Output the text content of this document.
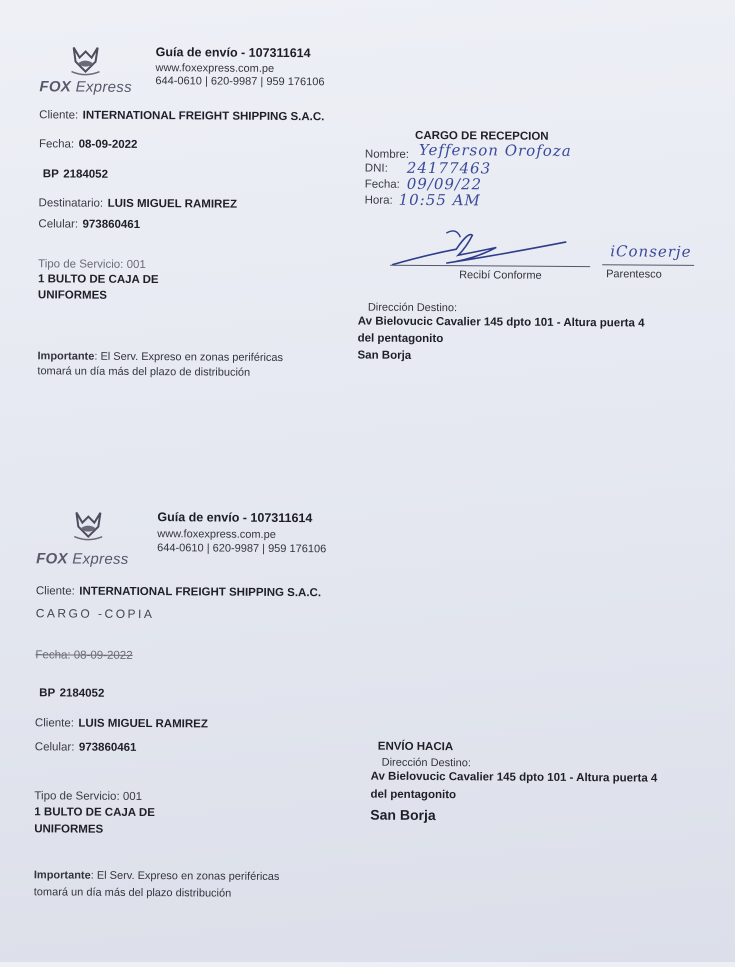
FOX Express
Guía de envío - 107311614
www.foxexpress.com.pe
644-0610 | 620-9987 | 959 176106
Cliente: INTERNATIONAL FREIGHT SHIPPING S.A.C.
Fecha: 08-09-2022
BP 2184052
Destinatario: LUIS MIGUEL RAMIREZ
Celular: 973860461
Tipo de Servicio: 001
1 BULTO DE CAJA DE
UNIFORMES
Importante: El Serv. Expreso en zonas periféricas
tomará un día más del plazo de distribución
CARGO DE RECEPCION
Nombre: Yefferson Orofoza
DNI: 24177463
Fecha: 09/09/22
Hora: 10:55 AM
Recibí Conforme
iConserje
Parentesco
Dirección Destino:
Av Bielovucic Cavalier 145 dpto 101 - Altura puerta 4
del pentagonito
San Borja
FOX Express
Guía de envío - 107311614
www.foxexpress.com.pe
644-0610 | 620-9987 | 959 176106
Cliente: INTERNATIONAL FREIGHT SHIPPING S.A.C.
CARGO -COPIA
Fecha: 08-09-2022
BP 2184052
Cliente: LUIS MIGUEL RAMIREZ
Celular: 973860461
Tipo de Servicio: 001
1 BULTO DE CAJA DE
UNIFORMES
Importante: El Serv. Expreso en zonas periféricas
tomará un día más del plazo distribución
ENVÍO HACIA
Dirección Destino:
Av Bielovucic Cavalier 145 dpto 101 - Altura puerta 4
del pentagonito
San Borja
